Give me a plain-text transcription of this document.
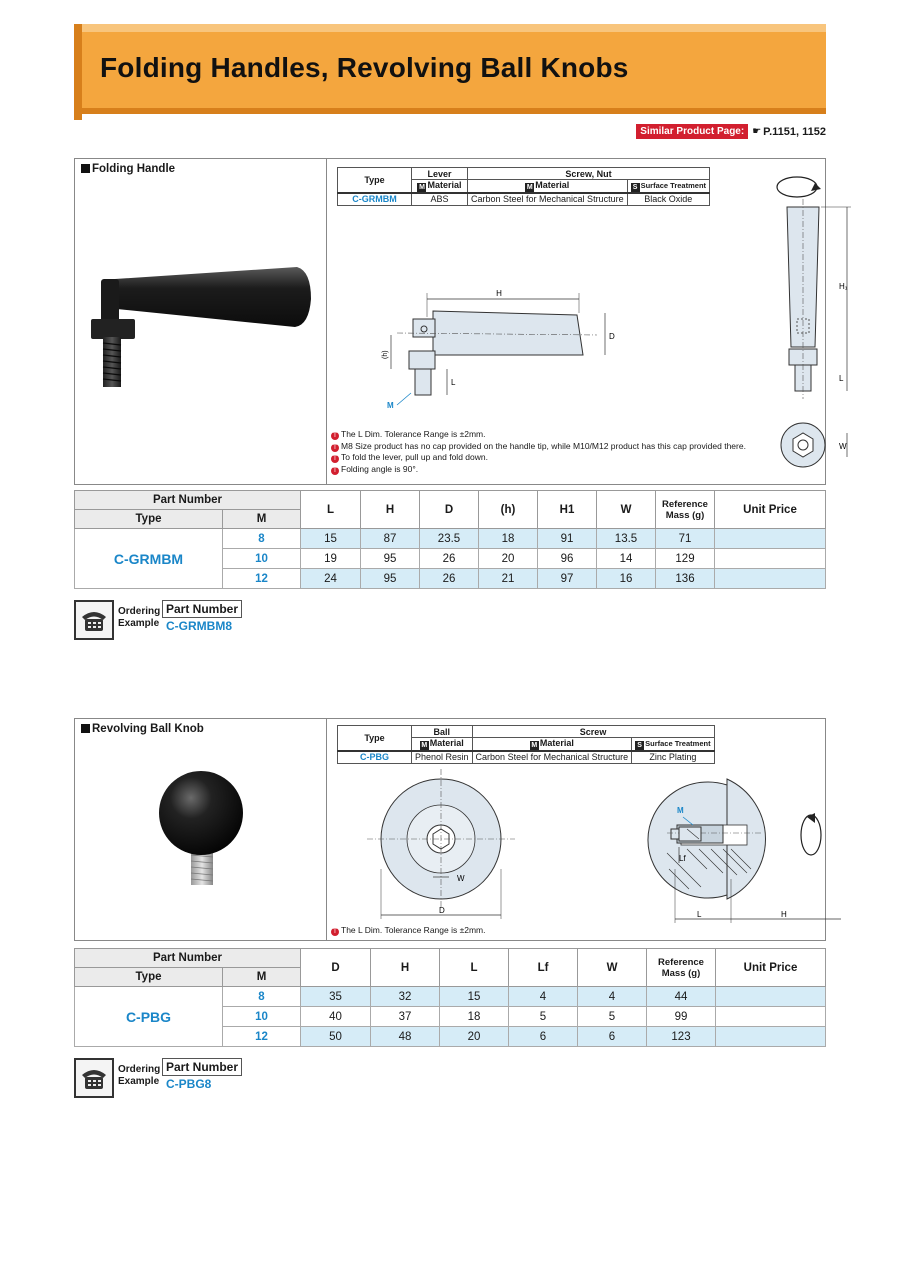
Folding Handles, Revolving Ball Knobs
Similar Product Page: ☛ P.1151, 1152
Folding Handle
Type	Lever	Screw, Nut	
	M Material	M Material	S Surface Treatment
C-GRMBM	ABS	Carbon Steel for Mechanical Structure	Black Oxide
H
D
(h)
L
M
H₁
L
W
T The L Dim. Tolerance Range is ±2mm.
T M8 Size product has no cap provided on the handle tip, while M10/M12 product has this cap provided there.
T To fold the lever, pull up and fold down.
T Folding angle is 90°.
Part Number		L	H	D	(h)	H1	W	Reference Mass (g)	Unit Price
Type	M								
C-GRMBM	8	15	87	23.5	18	91	13.5	71	
	10	19	95	26	20	96	14	129	
	12	24	95	26	21	97	16	136	
Ordering
Example
Part Number
C-GRMBM8
Revolving Ball Knob
Type	Ball	Screw	
	M Material	M Material	S Surface Treatment
C-PBG	Phenol Resin	Carbon Steel for Mechanical Structure	Zinc Plating
W
D
M
Lf
L	H
T The L Dim. Tolerance Range is ±2mm.
Part Number		D	H	L	Lf	W	Reference Mass (g)	Unit Price
Type	M							
C-PBG	8	35	32	15	4	4	44	
	10	40	37	18	5	5	99	
	12	50	48	20	6	6	123	
Ordering
Example
Part Number
C-PBG8
